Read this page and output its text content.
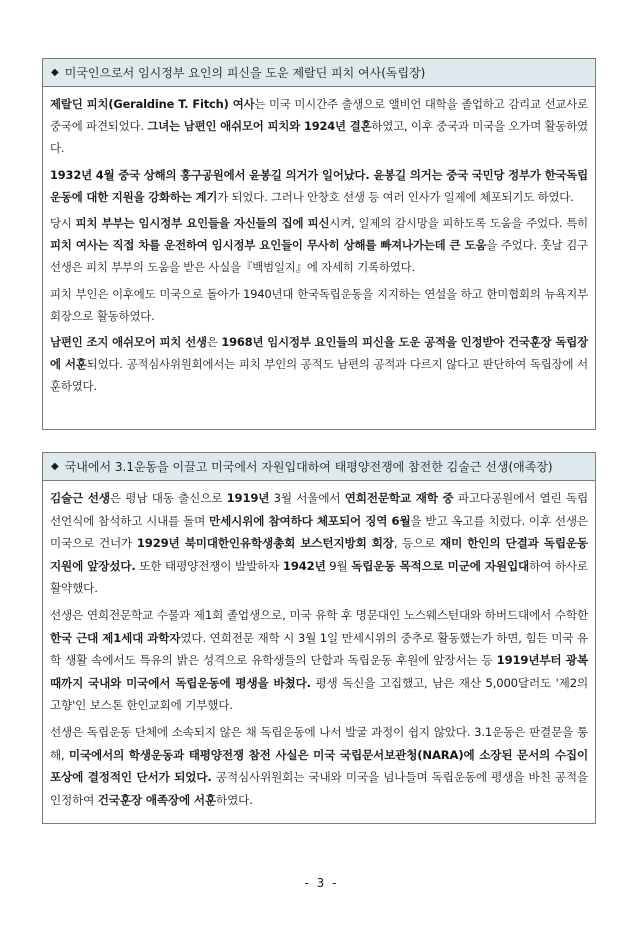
◆ 미국인으로서 임시정부 요인의 피신을 도운 제랄딘 피치 여사(독립장)
제랄딘 피치(Geraldine T. Fitch) 여사는 미국 미시간주 출생으로 앨비언 대학을 졸업하고 감리교 선교사로 중국에 파견되었다. 그녀는 남편인 애쉬모어 피치와 1924년 결혼하였고, 이후 중국과 미국을 오가며 활동하였다.
1932년 4월 중국 상해의 홍구공원에서 윤봉길 의거가 일어났다. 윤봉길 의거는 중국 국민당 정부가 한국독립운동에 대한 지원을 강화하는 계기가 되었다. 그러나 안창호 선생 등 여러 인사가 일제에 체포되기도 하였다.
당시 피치 부부는 임시정부 요인들을 자신들의 집에 피신시켜, 일제의 감시망을 피하도록 도움을 주었다. 특히 피치 여사는 직접 차를 운전하여 임시정부 요인들이 무사히 상해를 빠져나가는데 큰 도움을 주었다. 훗날 김구 선생은 피치 부부의 도움을 받은 사실을『백범일지』에 자세히 기록하였다.
피치 부인은 이후에도 미국으로 돌아가 1940년대 한국독립운동을 지지하는 연설을 하고 한미협회의 뉴욕지부 회장으로 활동하였다.
남편인 조지 애쉬모어 피치 선생은 1968년 임시정부 요인들의 피신을 도운 공적을 인정받아 건국훈장 독립장에 서훈되었다. 공적심사위원회에서는 피치 부인의 공적도 남편의 공적과 다르지 않다고 판단하여 독립장에 서훈하였다.
◆ 국내에서 3.1운동을 이끌고 미국에서 자원입대하여 태평양전쟁에 참전한 김술근 선생(애족장)
김술근 선생은 평남 대동 출신으로 1919년 3월 서울에서 연희전문학교 재학 중 파고다공원에서 열린 독립선언식에 참석하고 시내를 돌며 만세시위에 참여하다 체포되어 징역 6월을 받고 옥고를 치렀다. 이후 선생은 미국으로 건너가 1929년 북미대한인유학생총회 보스턴지방회 회장, 등으로 재미 한인의 단결과 독립운동 지원에 앞장섰다. 또한 태평양전쟁이 발발하자 1942년 9월 독립운동 목적으로 미군에 자원입대하여 하사로 활약했다.
선생은 연희전문학교 수물과 제1회 졸업생으로, 미국 유학 후 명문대인 노스웨스턴대와 하버드대에서 수학한 한국 근대 제1세대 과학자였다. 연희전문 재학 시 3월 1일 만세시위의 중추로 활동했는가 하면, 힘든 미국 유학 생활 속에서도 특유의 밝은 성격으로 유학생들의 단합과 독립운동 후원에 앞장서는 등 1919년부터 광복 때까지 국내와 미국에서 독립운동에 평생을 바쳤다. 평생 독신을 고집했고, 남은 재산 5,000달러도 '제2의 고향'인 보스톤 한인교회에 기부했다.
선생은 독립운동 단체에 소속되지 않은 채 독립운동에 나서 발굴 과정이 쉽지 않았다. 3.1운동은 판결문을 통해, 미국에서의 학생운동과 태평양전쟁 참전 사실은 미국 국립문서보관청(NARA)에 소장된 문서의 수집이 포상에 결정적인 단서가 되었다. 공적심사위원회는 국내와 미국을 넘나들며 독립운동에 평생을 바친 공적을 인정하여 건국훈장 애족장에 서훈하였다.
- 3 -
